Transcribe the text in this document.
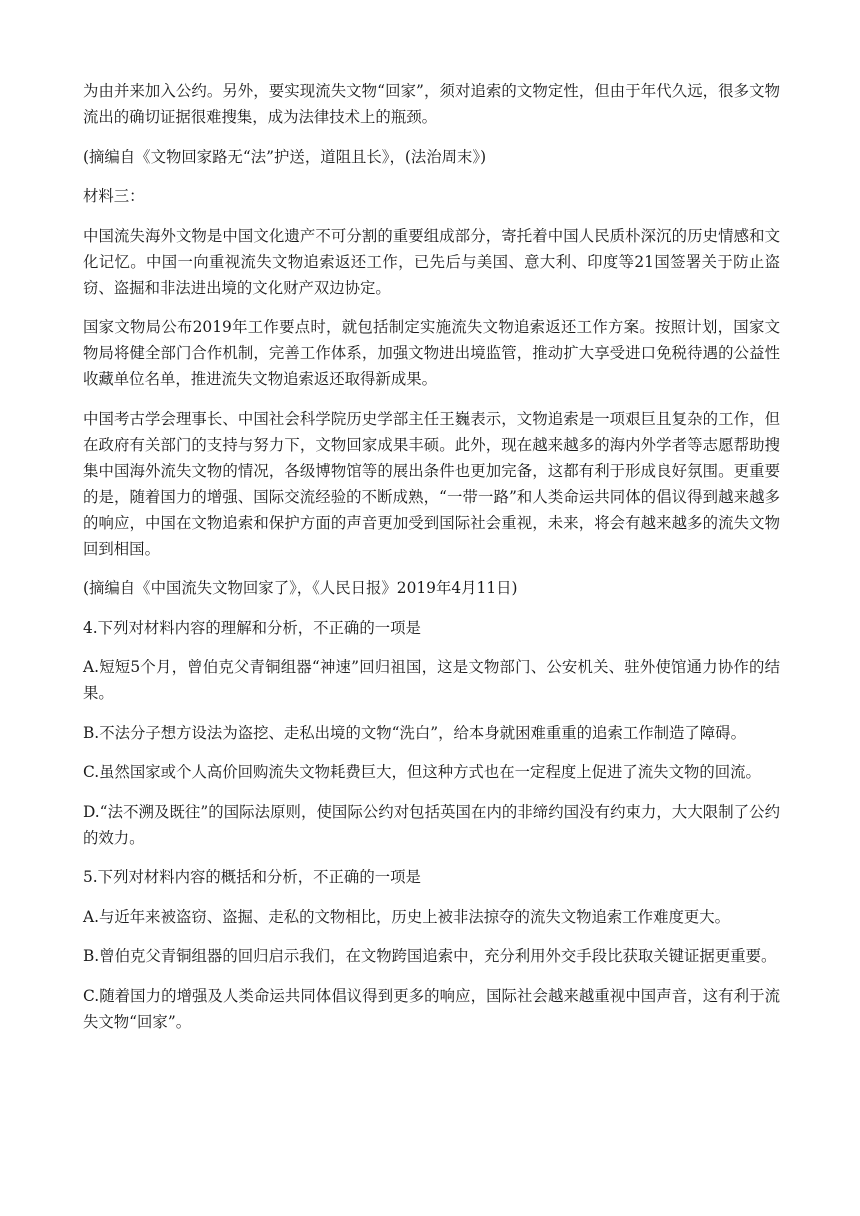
为由并来加入公约。另外，要实现流失文物“回家”，须对追索的文物定性，但由于年代久远，很多文物流出的确切证据很难搜集，成为法律技术上的瓶颈。

(摘编自《文物回家路无“法”护送，道阻且长》，(法治周末》)

材料三：

中国流失海外文物是中国文化遗产不可分割的重要组成部分，寄托着中国人民质朴深沉的历史情感和文化记忆。中国一向重视流失文物追索返还工作，已先后与美国、意大利、印度等21国签署关于防止盗窃、盗掘和非法进出境的文化财产双边协定。

国家文物局公布2019年工作要点时，就包括制定实施流失文物追索返还工作方案。按照计划，国家文物局将健全部门合作机制，完善工作体系，加强文物进出境监管，推动扩大享受进口免税待遇的公益性收藏单位名单，推进流失文物追索返还取得新成果。

中国考古学会理事长、中国社会科学院历史学部主任王巍表示，文物追索是一项艰巨且复杂的工作，但在政府有关部门的支持与努力下，文物回家成果丰硕。此外，现在越来越多的海内外学者等志愿帮助搜集中国海外流失文物的情况，各级博物馆等的展出条件也更加完备，这都有利于形成良好氛围。更重要的是，随着国力的增强、国际交流经验的不断成熟，“一带一路”和人类命运共同体的倡议得到越来越多的响应，中国在文物追索和保护方面的声音更加受到国际社会重视，未来，将会有越来越多的流失文物回到相国。

(摘编自《中国流失文物回家了》，《人民日报》2019年4月11日)

4.下列对材料内容的理解和分析，不正确的一项是

A.短短5个月，曾伯克父青铜组器“神速”回归祖国，这是文物部门、公安机关、驻外使馆通力协作的结果。

B.不法分子想方设法为盗挖、走私出境的文物“洗白”，给本身就困难重重的追索工作制造了障碍。

C.虽然国家或个人高价回购流失文物耗费巨大，但这种方式也在一定程度上促进了流失文物的回流。

D.“法不溯及既往”的国际法原则，使国际公约对包括英国在内的非缔约国没有约束力，大大限制了公约的效力。

5.下列对材料内容的概括和分析，不正确的一项是

A.与近年来被盗窃、盗掘、走私的文物相比，历史上被非法掠夺的流失文物追索工作难度更大。

B.曾伯克父青铜组器的回归启示我们，在文物跨国追索中，充分利用外交手段比获取关键证据更重要。

C.随着国力的增强及人类命运共同体倡议得到更多的响应，国际社会越来越重视中国声音，这有利于流失文物“回家”。
